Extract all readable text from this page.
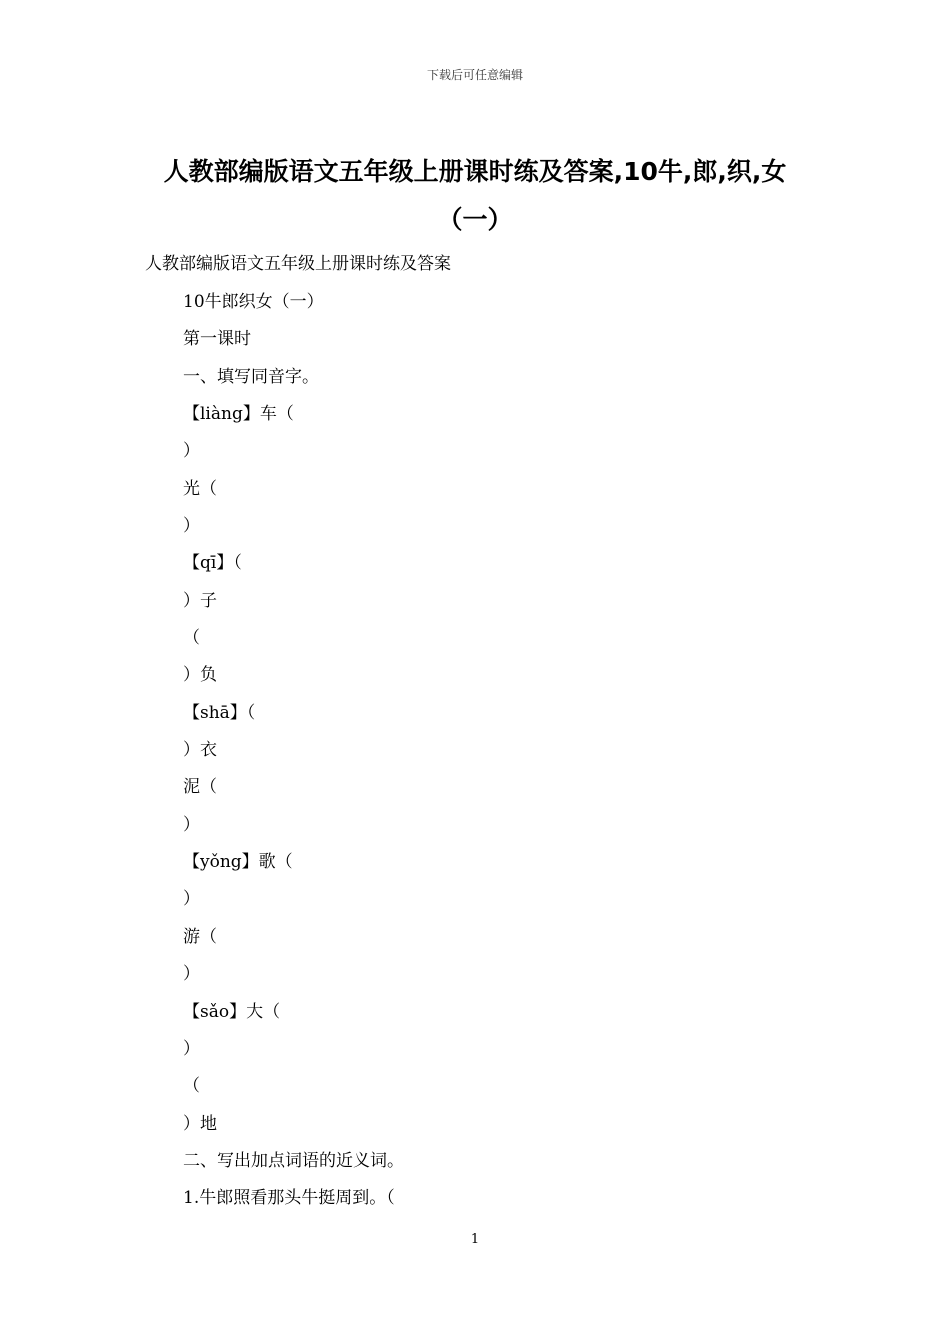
下载后可任意编辑
人教部编版语文五年级上册课时练及答案,10牛,郎,织,女
（一）
人教部编版语文五年级上册课时练及答案
10牛郎织女（一）
第一课时
一、填写同音字。
【liàng】车（
）
光（
）
【qī】（
）子
（
）负
【shā】（
）衣
泥（
）
【yǒng】歌（
）
游（
）
【sǎo】大（
）
（
）地
二、写出加点词语的近义词。
1.牛郎照看那头牛挺周到。（
1
